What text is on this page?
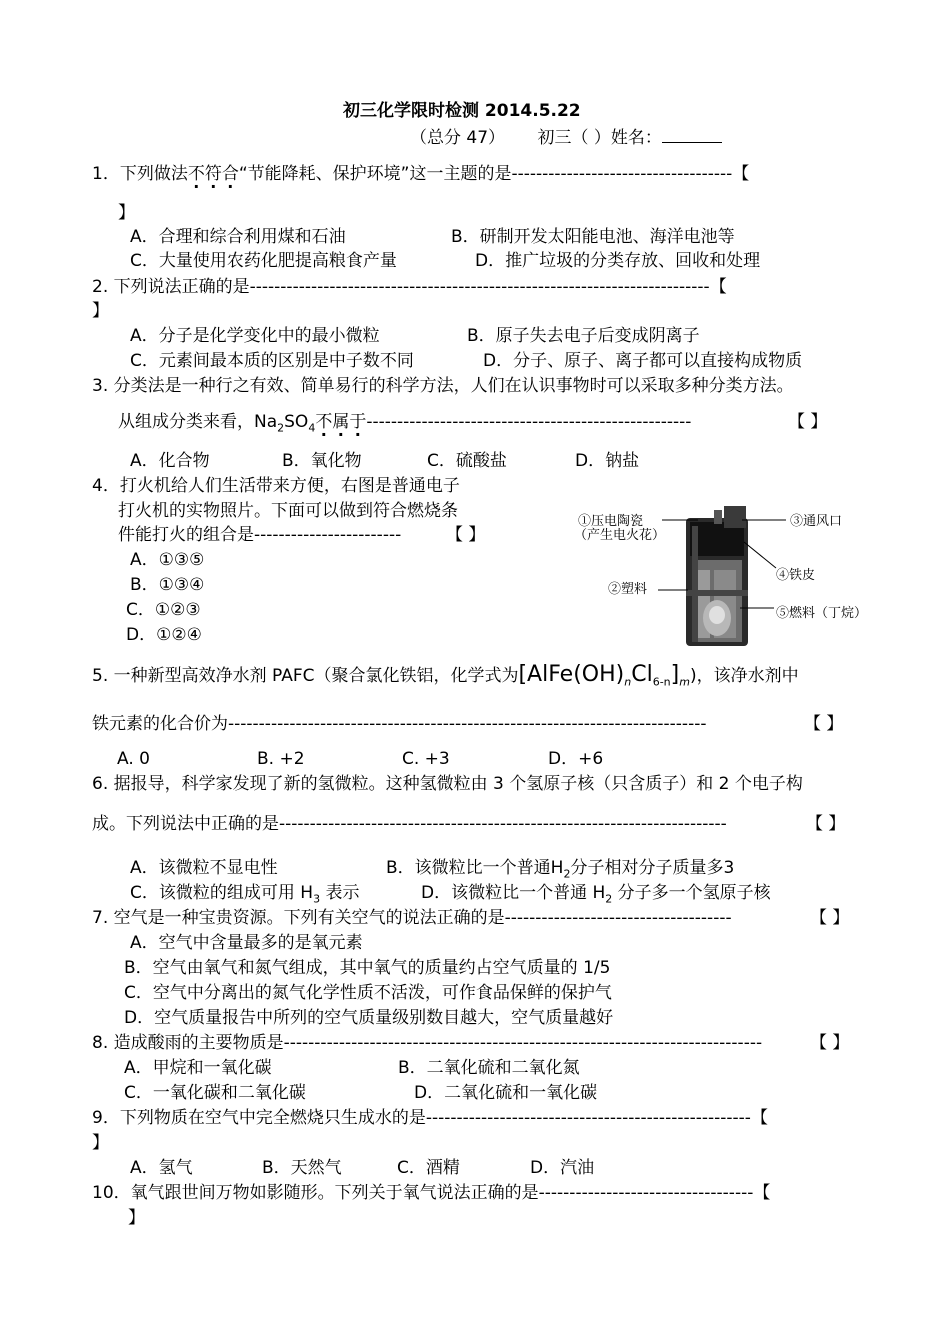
初三化学限时检测 2014.5.22
（总分 47） 初三（ ）姓名：
1．下列做法不符合“节能降耗、保护环境”这一主题的是------------------------------------【
】
A．合理和综合利用煤和石油	B．研制开发太阳能电池、海洋电池等
C．大量使用农药化肥提高粮食产量	D．推广垃圾的分类存放、回收和处理
2. 下列说法正确的是---------------------------------------------------------------------------【
】
A．分子是化学变化中的最小微粒	B．原子失去电子后变成阴离子
C．元素间最本质的区别是中子数不同	D．分子、原子、离子都可以直接构成物质
3. 分类法是一种行之有效、简单易行的科学方法，人们在认识事物时可以采取多种分类方法。
从组成分类来看，$Na_2SO_4$不属于-----------------------------------------------------	【 】
A．化合物	B．氧化物	C．硫酸盐	D．钠盐
4．打火机给人们生活带来方便，右图是普通电子
打火机的实物照片。下面可以做到符合燃烧条
件能打火的组合是------------------------	【 】
A．①③⑤
B．①③④
C．①②③
D．①②④
①压电陶瓷
（产生电火花）
②塑料
③通风口
④铁皮
⑤燃料（丁烷）
5. 一种新型高效净水剂 PAFC（聚合氯化铁铝，化学式为$[AlFe(OH)_nCl_{6-n}]_m$)，该净水剂中
铁元素的化合价为------------------------------------------------------------------------------	【 】
A. 0	B. +2	C. +3	D．+6
6. 据报导，科学家发现了新的氢微粒。这种氢微粒由 3 个氢原子核（只含质子）和 2 个电子构
成。下列说法中正确的是-------------------------------------------------------------------------	【 】
A．该微粒不显电性	B．该微粒比一个普通$H_2$分子相对分子质量多3
C．该微粒的组成可用 $H_3$ 表示	D．该微粒比一个普通 $H_2$ 分子多一个氢原子核
7. 空气是一种宝贵资源。下列有关空气的说法正确的是-------------------------------------	【 】
A．空气中含量最多的是氧元素
B．空气由氧气和氮气组成，其中氧气的质量约占空气质量的 1/5
C．空气中分离出的氮气化学性质不活泼，可作食品保鲜的保护气
D．空气质量报告中所列的空气质量级别数目越大，空气质量越好
8. 造成酸雨的主要物质是------------------------------------------------------------------------------	【 】
A．甲烷和一氧化碳	B．二氧化硫和二氧化氮
C．一氧化碳和二氧化碳	D．二氧化硫和一氧化碳
9．下列物质在空气中完全燃烧只生成水的是-----------------------------------------------------【
】
A．氢气	B．天然气	C．酒精	D．汽油
10．氧气跟世间万物如影随形。下列关于氧气说法正确的是-----------------------------------【
】
